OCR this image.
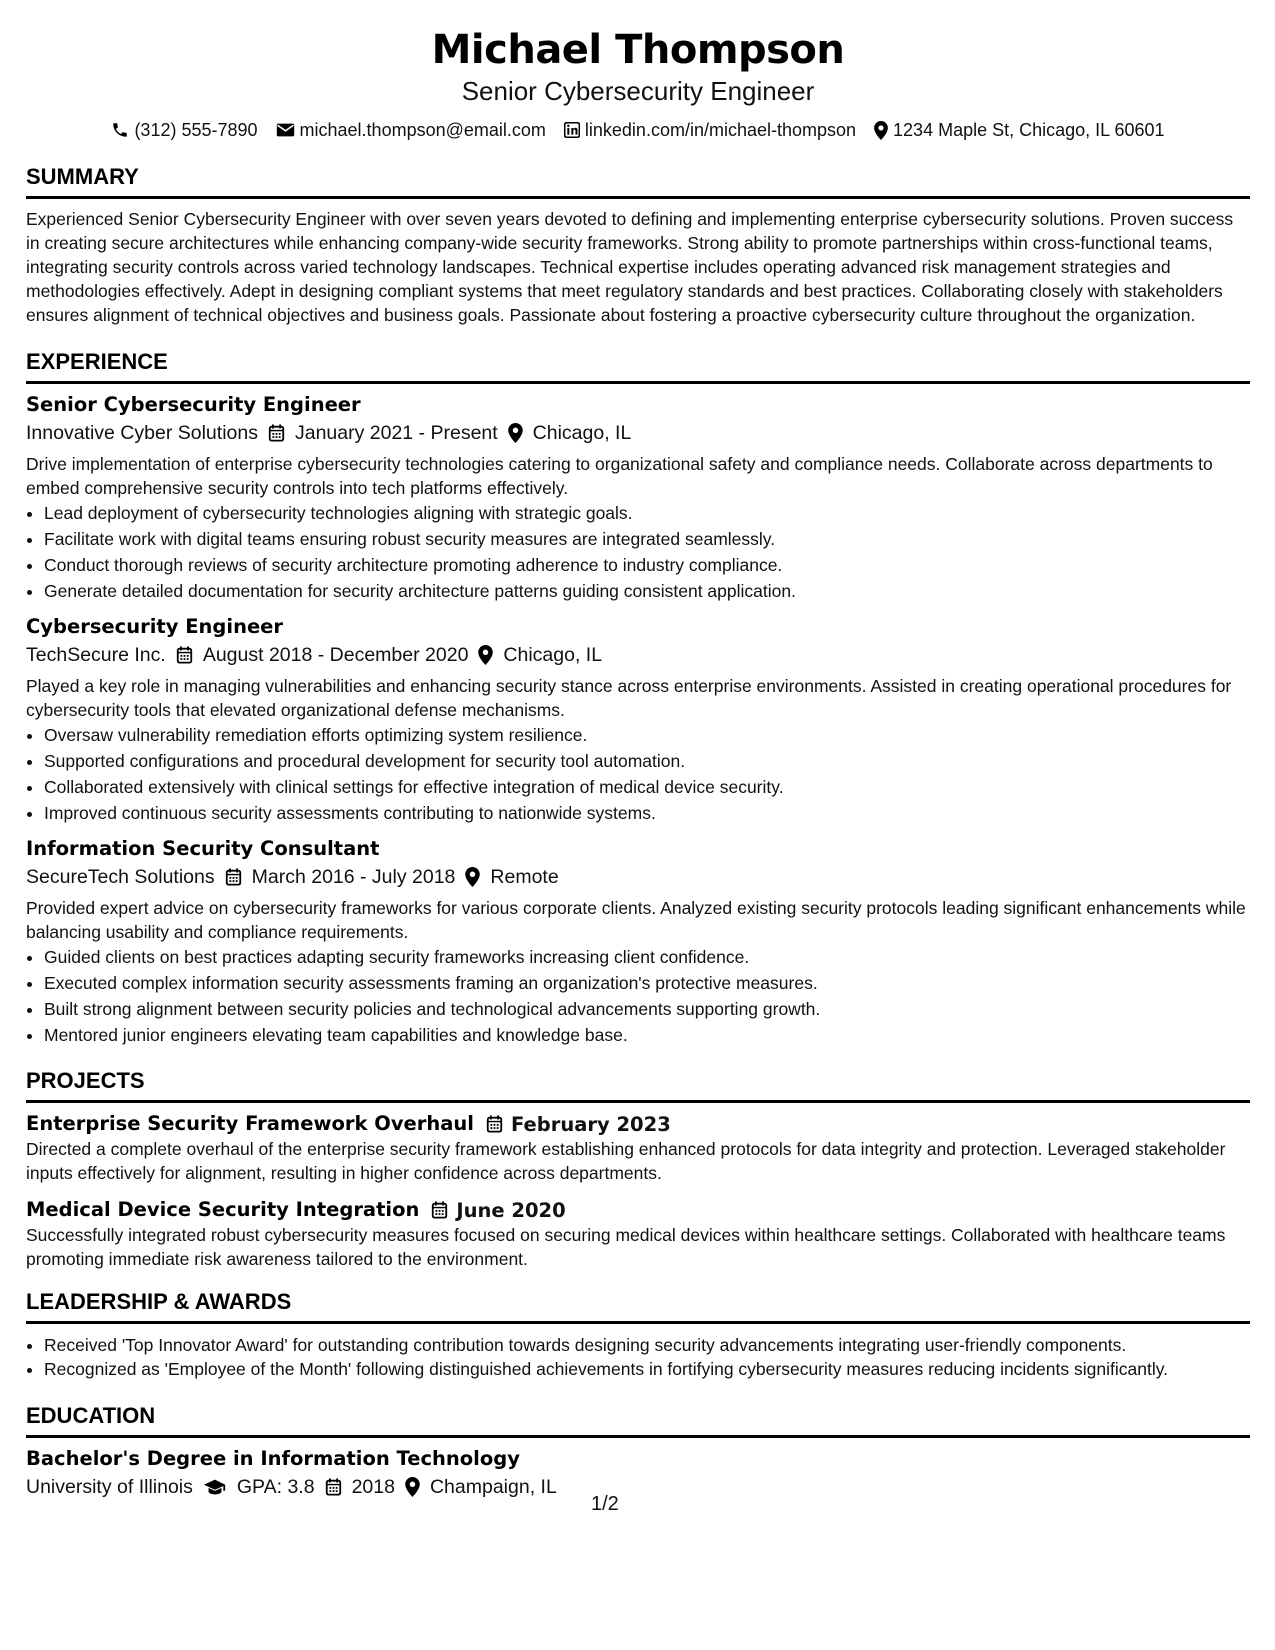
Michael Thompson
Senior Cybersecurity Engineer
(312) 555-7890 michael.thompson@email.com linkedin.com/in/michael-thompson 1234 Maple St, Chicago, IL 60601
SUMMARY

Experienced Senior Cybersecurity Engineer with over seven years devoted to defining and implementing enterprise cybersecurity solutions. Proven success in creating secure architectures while enhancing company-wide security frameworks. Strong ability to promote partnerships within cross-functional teams, integrating security controls across varied technology landscapes. Technical expertise includes operating advanced risk management strategies and methodologies effectively. Adept in designing compliant systems that meet regulatory standards and best practices. Collaborating closely with stakeholders ensures alignment of technical objectives and business goals. Passionate about fostering a proactive cybersecurity culture throughout the organization.

EXPERIENCE
Senior Cybersecurity Engineer
Innovative Cyber Solutions January 2021 - Present Chicago, IL

Drive implementation of enterprise cybersecurity technologies catering to organizational safety and compliance needs. Collaborate across departments to embed comprehensive security controls into tech platforms effectively.

• Lead deployment of cybersecurity technologies aligning with strategic goals.
• Facilitate work with digital teams ensuring robust security measures are integrated seamlessly.
• Conduct thorough reviews of security architecture promoting adherence to industry compliance.
• Generate detailed documentation for security architecture patterns guiding consistent application.
Cybersecurity Engineer
TechSecure Inc. August 2018 - December 2020 Chicago, IL

Played a key role in managing vulnerabilities and enhancing security stance across enterprise environments. Assisted in creating operational procedures for cybersecurity tools that elevated organizational defense mechanisms.

• Oversaw vulnerability remediation efforts optimizing system resilience.
• Supported configurations and procedural development for security tool automation.
• Collaborated extensively with clinical settings for effective integration of medical device security.
• Improved continuous security assessments contributing to nationwide systems.
Information Security Consultant
SecureTech Solutions March 2016 - July 2018 Remote

Provided expert advice on cybersecurity frameworks for various corporate clients. Analyzed existing security protocols leading significant enhancements while balancing usability and compliance requirements.

• Guided clients on best practices adapting security frameworks increasing client confidence.
• Executed complex information security assessments framing an organization's protective measures.
• Built strong alignment between security policies and technological advancements supporting growth.
• Mentored junior engineers elevating team capabilities and knowledge base.
PROJECTS
Enterprise Security Framework Overhaul February 2023

Directed a complete overhaul of the enterprise security framework establishing enhanced protocols for data integrity and protection. Leveraged stakeholder inputs effectively for alignment, resulting in higher confidence across departments.

Medical Device Security Integration June 2020

Successfully integrated robust cybersecurity measures focused on securing medical devices within healthcare settings. Collaborated with healthcare teams promoting immediate risk awareness tailored to the environment.

LEADERSHIP & AWARDS
• Received 'Top Innovator Award' for outstanding contribution towards designing security advancements integrating user-friendly components.
• Recognized as 'Employee of the Month' following distinguished achievements in fortifying cybersecurity measures reducing incidents significantly.
EDUCATION
Bachelor's Degree in Information Technology
University of Illinois GPA: 3.8 2018 Champaign, IL
1/2
